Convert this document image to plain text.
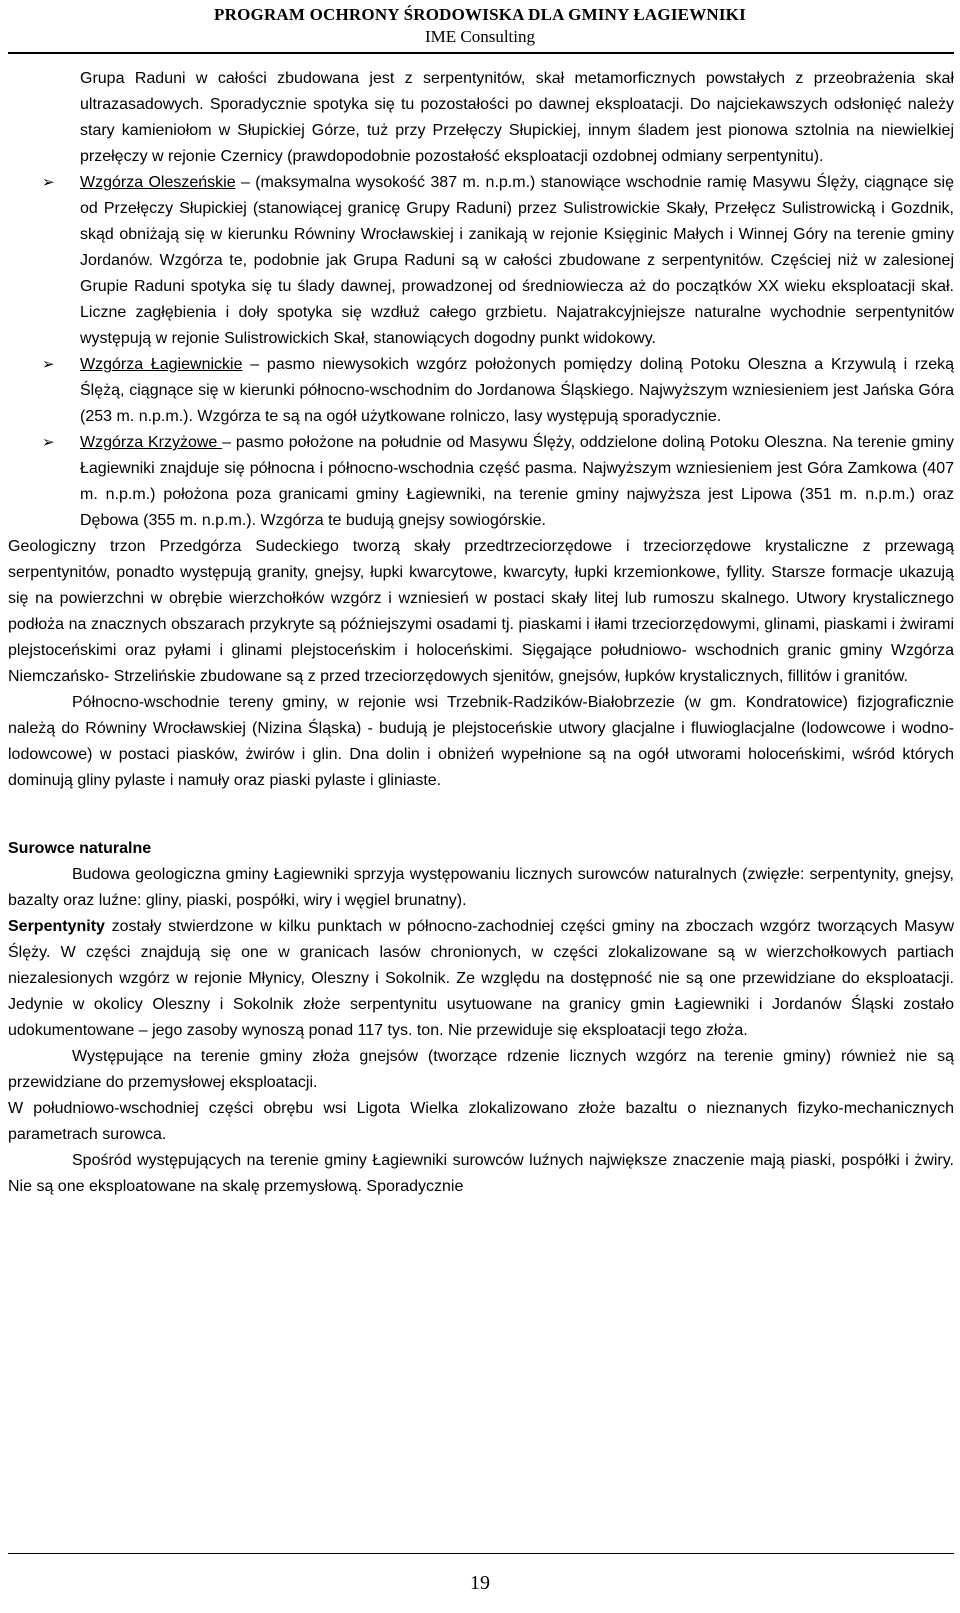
PROGRAM OCHRONY ŚRODOWISKA DLA GMINY ŁAGIEWNIKI
IME Consulting

Grupa Raduni w całości zbudowana jest z serpentynitów, skał metamorficznych powstałych z przeobrażenia skał ultrazasadowych. Sporadycznie spotyka się tu pozostałości po dawnej eksploatacji. Do najciekawszych odsłonięć należy stary kamieniołom w Słupickiej Górze, tuż przy Przełęczy Słupickiej, innym śladem jest pionowa sztolnia na niewielkiej przełęczy w rejonie Czernicy (prawdopodobnie pozostałość eksploatacji ozdobnej odmiany serpentynitu).

➢ Wzgórza Oleszeńskie – (maksymalna wysokość 387 m. n.p.m.) stanowiące wschodnie ramię Masywu Ślęży, ciągnące się od Przełęczy Słupickiej (stanowiącej granicę Grupy Raduni) przez Sulistrowickie Skały, Przełęcz Sulistrowicką i Gozdnik, skąd obniżają się w kierunku Równiny Wrocławskiej i zanikają w rejonie Księginic Małych i Winnej Góry na terenie gminy Jordanów. Wzgórza te, podobnie jak Grupa Raduni są w całości zbudowane z serpentynitów. Częściej niż w zalesionej Grupie Raduni spotyka się tu ślady dawnej, prowadzonej od średniowiecza aż do początków XX wieku eksploatacji skał. Liczne zagłębienia i doły spotyka się wzdłuż całego grzbietu. Najatrakcyjniejsze naturalne wychodnie serpentynitów występują w rejonie Sulistrowickich Skał, stanowiących dogodny punkt widokowy.
➢ Wzgórza Łagiewnickie – pasmo niewysokich wzgórz położonych pomiędzy doliną Potoku Oleszna a Krzywulą i rzeką Ślężą, ciągnące się w kierunki północno-wschodnim do Jordanowa Śląskiego. Najwyższym wzniesieniem jest Jańska Góra (253 m. n.p.m.). Wzgórza te są na ogół użytkowane rolniczo, lasy występują sporadycznie.
➢ Wzgórza Krzyżowe – pasmo położone na południe od Masywu Ślęży, oddzielone doliną Potoku Oleszna. Na terenie gminy Łagiewniki znajduje się północna i północno-wschodnia część pasma. Najwyższym wzniesieniem jest Góra Zamkowa (407 m. n.p.m.) położona poza granicami gminy Łagiewniki, na terenie gminy najwyższa jest Lipowa (351 m. n.p.m.) oraz Dębowa (355 m. n.p.m.). Wzgórza te budują gnejsy sowiogórskie.

Geologiczny trzon Przedgórza Sudeckiego tworzą skały przedtrzeciorzędowe i trzeciorzędowe krystaliczne z przewagą serpentynitów, ponadto występują granity, gnejsy, łupki kwarcytowe, kwarcyty, łupki krzemionkowe, fyllity. Starsze formacje ukazują się na powierzchni w obrębie wierzchołków wzgórz i wzniesień w postaci skały litej lub rumoszu skalnego. Utwory krystalicznego podłoża na znacznych obszarach przykryte są późniejszymi osadami tj. piaskami i iłami trzeciorzędowymi, glinami, piaskami i żwirami plejstoceńskimi oraz pyłami i glinami plejstoceńskim i holoceńskimi. Sięgające południowo- wschodnich granic gminy Wzgórza Niemczańsko- Strzelińskie zbudowane są z przed trzeciorzędowych sjenitów, gnejsów, łupków krystalicznych, fillitów i granitów.

Północno-wschodnie tereny gminy, w rejonie wsi Trzebnik-Radzików-Białobrzezie (w gm. Kondratowice) fizjograficznie należą do Równiny Wrocławskiej (Nizina Śląska) - budują je plejstoceńskie utwory glacjalne i fluwioglacjalne (lodowcowe i wodno-lodowcowe) w postaci piasków, żwirów i glin. Dna dolin i obniżeń wypełnione są na ogół utworami holoceńskimi, wśród których dominują gliny pylaste i namuły oraz piaski pylaste i gliniaste.

Surowce naturalne

Budowa geologiczna gminy Łagiewniki sprzyja występowaniu licznych surowców naturalnych (zwięzłe: serpentynity, gnejsy, bazalty oraz luźne: gliny, piaski, pospółki, wiry i węgiel brunatny).

Serpentynity zostały stwierdzone w kilku punktach w północno-zachodniej części gminy na zboczach wzgórz tworzących Masyw Ślęży. W części znajdują się one w granicach lasów chronionych, w części zlokalizowane są w wierzchołkowych partiach niezalesionych wzgórz w rejonie Młynicy, Oleszny i Sokolnik. Ze względu na dostępność nie są one przewidziane do eksploatacji. Jedynie w okolicy Oleszny i Sokolnik złoże serpentynitu usytuowane na granicy gmin Łagiewniki i Jordanów Śląski zostało udokumentowane – jego zasoby wynoszą ponad 117 tys. ton. Nie przewiduje się eksploatacji tego złoża.

Występujące na terenie gminy złoża gnejsów (tworzące rdzenie licznych wzgórz na terenie gminy) również nie są przewidziane do przemysłowej eksploatacji.

W południowo-wschodniej części obrębu wsi Ligota Wielka zlokalizowano złoże bazaltu o nieznanych fizyko-mechanicznych parametrach surowca.

Spośród występujących na terenie gminy Łagiewniki surowców luźnych największe znaczenie mają piaski, pospółki i żwiry. Nie są one eksploatowane na skalę przemysłową. Sporadycznie

19
